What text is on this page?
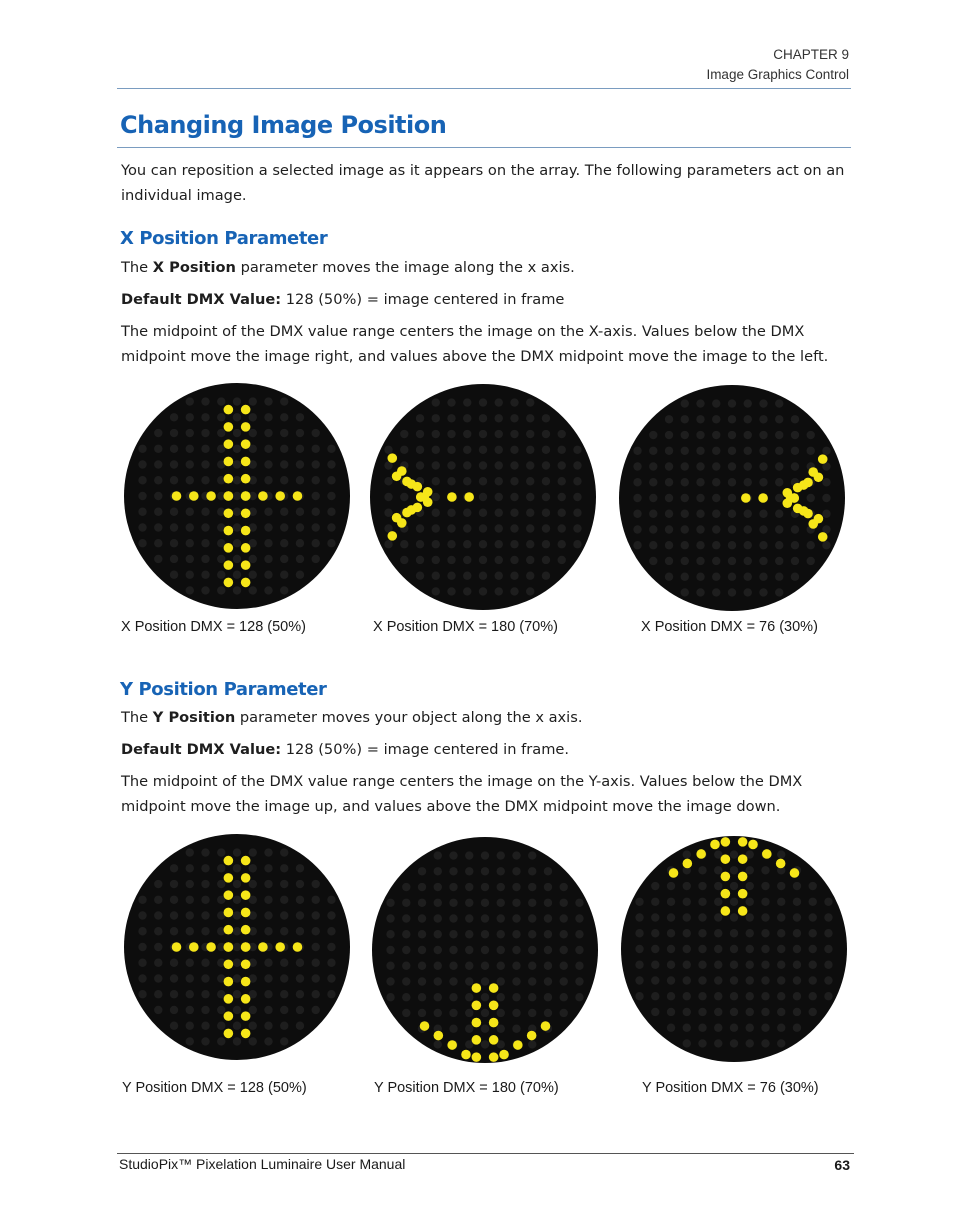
CHAPTER 9
Image Graphics Control
Changing Image Position
You can reposition a selected image as it appears on the array. The following parameters act on an individual image.
X Position Parameter
The X Position parameter moves the image along the x axis.
Default DMX Value: 128 (50%) = image centered in frame
The midpoint of the DMX value range centers the image on the X-axis. Values below the DMX midpoint move the image right, and values above the DMX midpoint move the image to the left.
X Position DMX = 128 (50%)	X Position DMX = 180 (70%)	X Position DMX = 76 (30%)
Y Position Parameter
The Y Position parameter moves your object along the x axis.
Default DMX Value: 128 (50%) = image centered in frame.
The midpoint of the DMX value range centers the image on the Y-axis. Values below the DMX midpoint move the image up, and values above the DMX midpoint move the image down.
Y Position DMX = 128 (50%)	Y Position DMX = 180 (70%)	Y Position DMX = 76 (30%)
StudioPix™ Pixelation Luminaire User Manual	63
